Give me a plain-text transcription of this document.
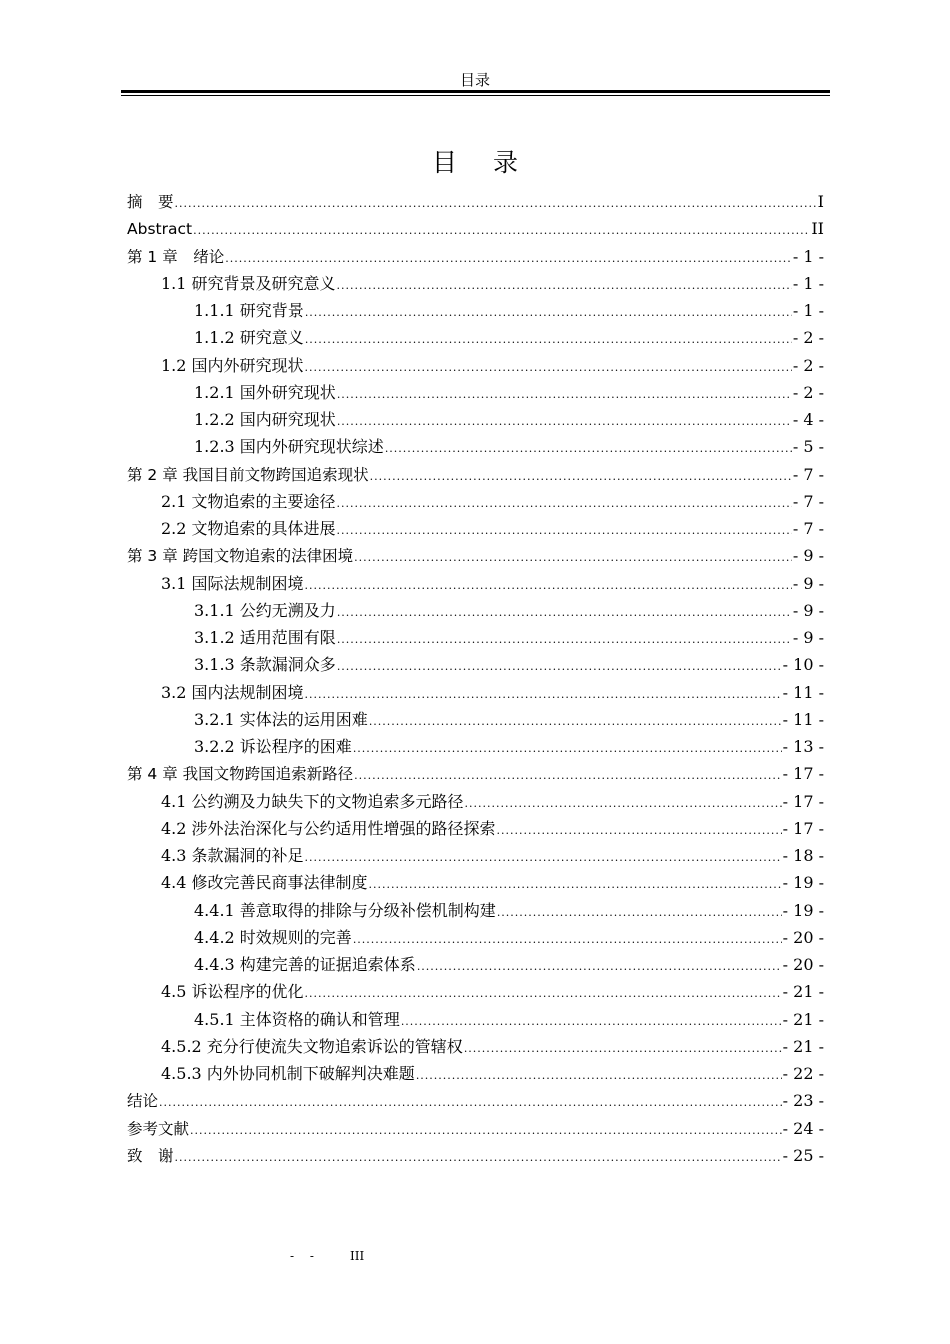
目录
目 录
摘　要 .....	I
Abstract .....	II
第 1 章　绪论 .....	- 1 -
1.1 研究背景及研究意义 .....	- 1 -
1.1.1 研究背景 .....	- 1 -
1.1.2 研究意义 .....	- 2 -
1.2 国内外研究现状 .....	- 2 -
1.2.1 国外研究现状 .....	- 2 -
1.2.2 国内研究现状 .....	- 4 -
1.2.3 国内外研究现状综述 .....	- 5 -
第 2 章 我国目前文物跨国追索现状 .....	- 7 -
2.1 文物追索的主要途径 .....	- 7 -
2.2 文物追索的具体进展 .....	- 7 -
第 3 章 跨国文物追索的法律困境 .....	- 9 -
3.1 国际法规制困境 .....	- 9 -
3.1.1 公约无溯及力 .....	- 9 -
3.1.2 适用范围有限 .....	- 9 -
3.1.3 条款漏洞众多 .....	- 10 -
3.2 国内法规制困境 .....	- 11 -
3.2.1 实体法的运用困难 .....	- 11 -
3.2.2 诉讼程序的困难 .....	- 13 -
第 4 章 我国文物跨国追索新路径 .....	- 17 -
4.1 公约溯及力缺失下的文物追索多元路径 .....	- 17 -
4.2 涉外法治深化与公约适用性增强的路径探索 .....	- 17 -
4.3 条款漏洞的补足 .....	- 18 -
4.4 修改完善民商事法律制度 .....	- 19 -
4.4.1 善意取得的排除与分级补偿机制构建 .....	- 19 -
4.4.2 时效规则的完善 .....	- 20 -
4.4.3 构建完善的证据追索体系 .....	- 20 -
4.5 诉讼程序的优化 .....	- 21 -
4.5.1 主体资格的确认和管理 .....	- 21 -
4.5.2 充分行使流失文物追索诉讼的管辖权 .....	- 21 -
4.5.3 内外协同机制下破解判决难题 .....	- 22 -
结论 .....	- 23 -
参考文献 .....	- 24 -
致　谢 .....	- 25 -
- -	III
